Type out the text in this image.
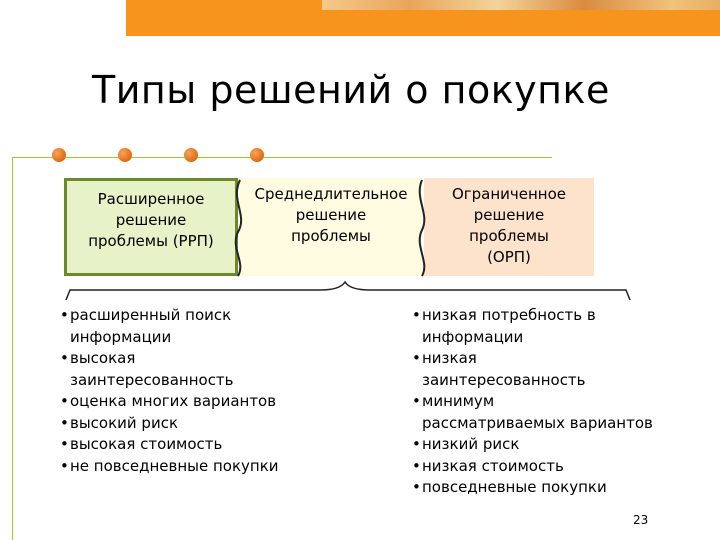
Типы решений о покупке
Расширенное
решение
проблемы (РРП)
Среднедлительное
решение
проблемы
Ограниченное
решение
проблемы
(ОРП)
• расширенный поиск
информации
• высокая
заинтересованность
• оценка многих вариантов
• высокий риск
• высокая стоимость
• не повседневные покупки
• низкая потребность в
информации
• низкая
заинтересованность
• минимум
рассматриваемых вариантов
• низкий риск
• низкая стоимость
• повседневные покупки
23
